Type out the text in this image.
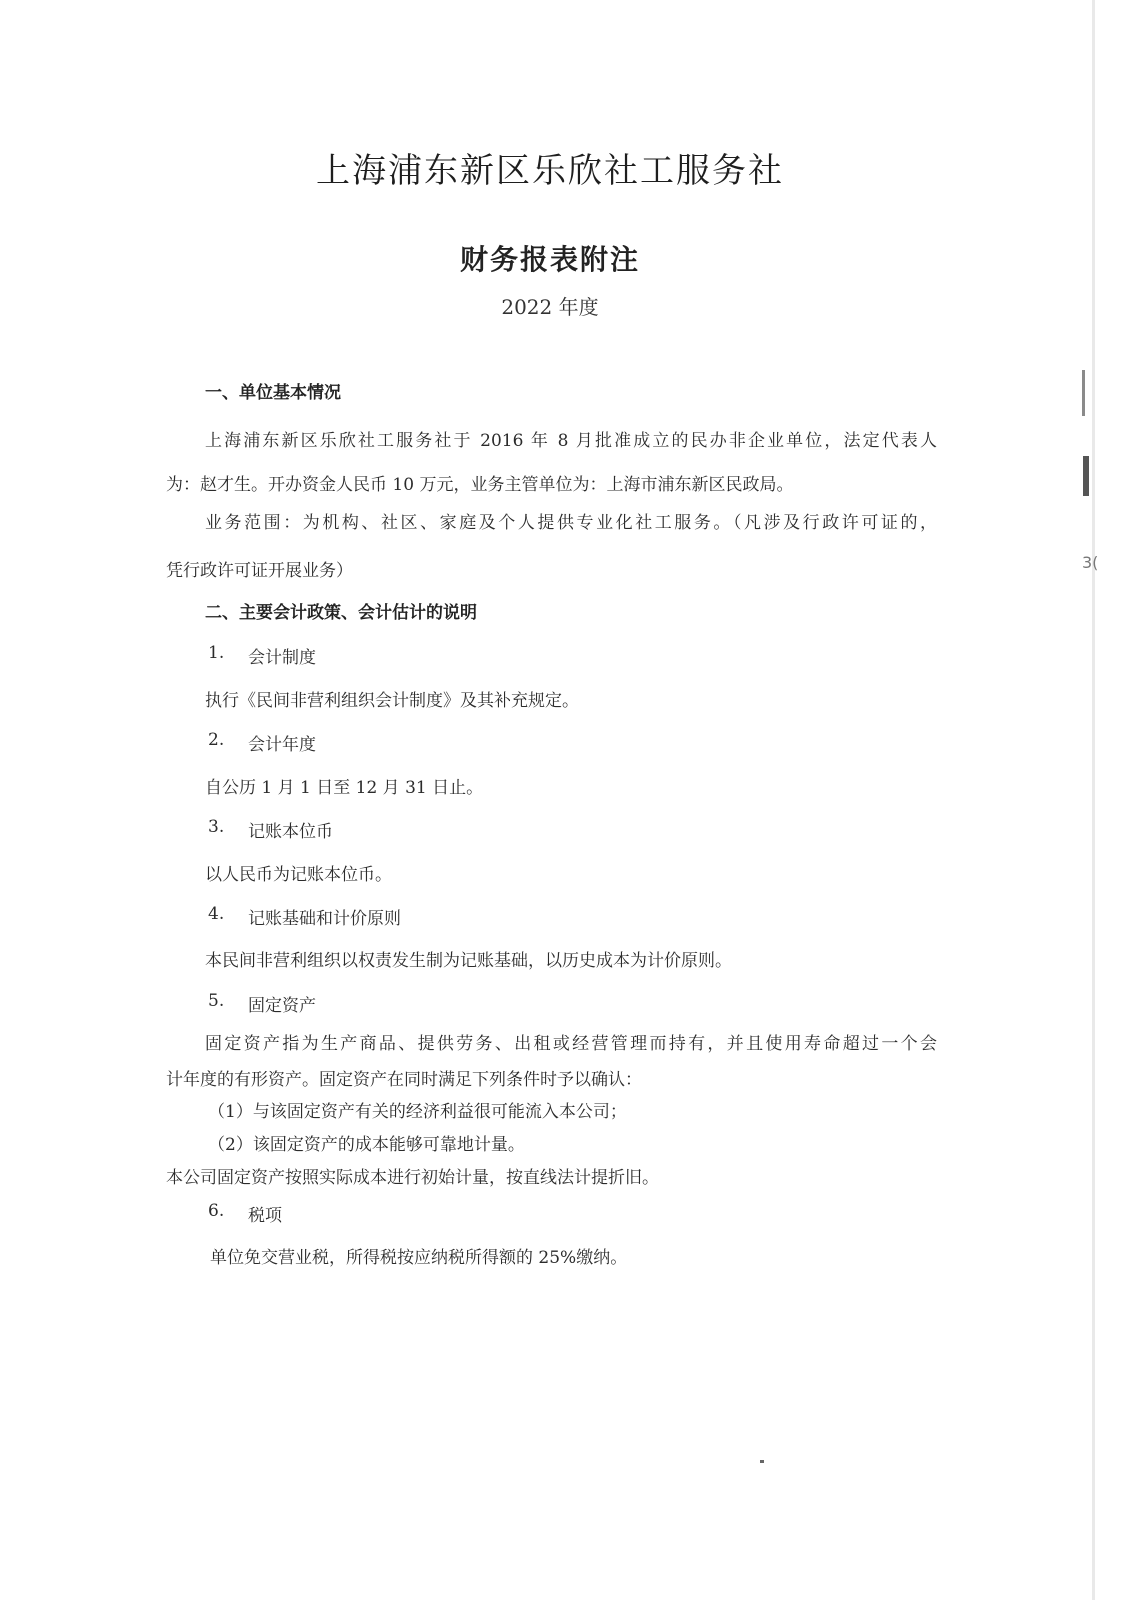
上海浦东新区乐欣社工服务社
财务报表附注
2022 年度
一、单位基本情况
上海浦东新区乐欣社工服务社于 2016 年 8 月批准成立的民办非企业单位，法定代表人
为：赵才生。开办资金人民币 10 万元，业务主管单位为：上海市浦东新区民政局。
业务范围：为机构、社区、家庭及个人提供专业化社工服务。（凡涉及行政许可证的，
凭行政许可证开展业务）
二、主要会计政策、会计估计的说明
1. 会计制度
执行《民间非营利组织会计制度》及其补充规定。
2. 会计年度
自公历 1 月 1 日至 12 月 31 日止。
3. 记账本位币
以人民币为记账本位币。
4. 记账基础和计价原则
本民间非营利组织以权责发生制为记账基础，以历史成本为计价原则。
5. 固定资产
固定资产指为生产商品、提供劳务、出租或经营管理而持有，并且使用寿命超过一个会
计年度的有形资产。固定资产在同时满足下列条件时予以确认：
（1）与该固定资产有关的经济利益很可能流入本公司；
（2）该固定资产的成本能够可靠地计量。
本公司固定资产按照实际成本进行初始计量，按直线法计提折旧。
6. 税项
单位免交营业税，所得税按应纳税所得额的 25%缴纳。
3(
